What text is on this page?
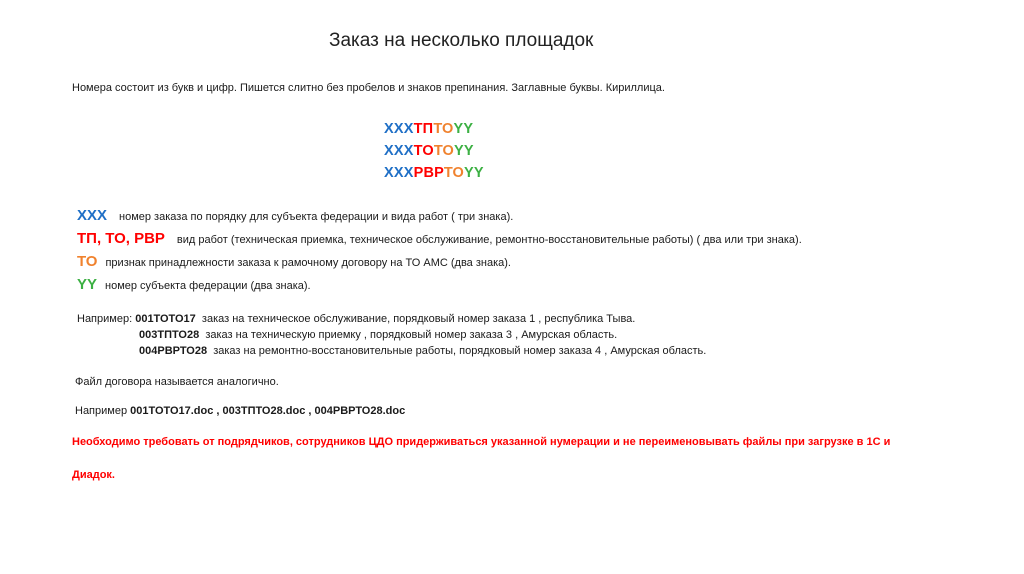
Заказ на несколько площадок
Номера состоит из букв и цифр. Пишется слитно без пробелов и знаков препинания. Заглавные буквы. Кириллица.
XXXТПТОYY
XXXТОТОYY
XXXРВРТОYY
XXX номер заказа по порядку для субъекта федерации и вида работ ( три знака).
ТП, ТО, РВР вид работ (техническая приемка, техническое обслуживание, ремонтно-восстановительные работы) ( два или три знака).
ТО признак принадлежности заказа к рамочному договору на ТО АМС (два знака).
YY номер субъекта федерации (два знака).
Например: 001ТОТО17 заказ на техническое обслуживание, порядковый номер заказа 1 , республика Тыва.
003ТПТО28 заказ на техническую приемку , порядковый номер заказа 3 , Амурская область.
004РВРТО28 заказ на ремонтно-восстановительные работы, порядковый номер заказа 4 , Амурская область.
Файл договора называется аналогично.
Например 001ТОТО17.doc , 003ТПТО28.doc , 004РВРТО28.doc
Необходимо требовать от подрядчиков, сотрудников ЦДО придерживаться указанной нумерации и не переименовывать файлы при загрузке в 1С и
Диадок.
